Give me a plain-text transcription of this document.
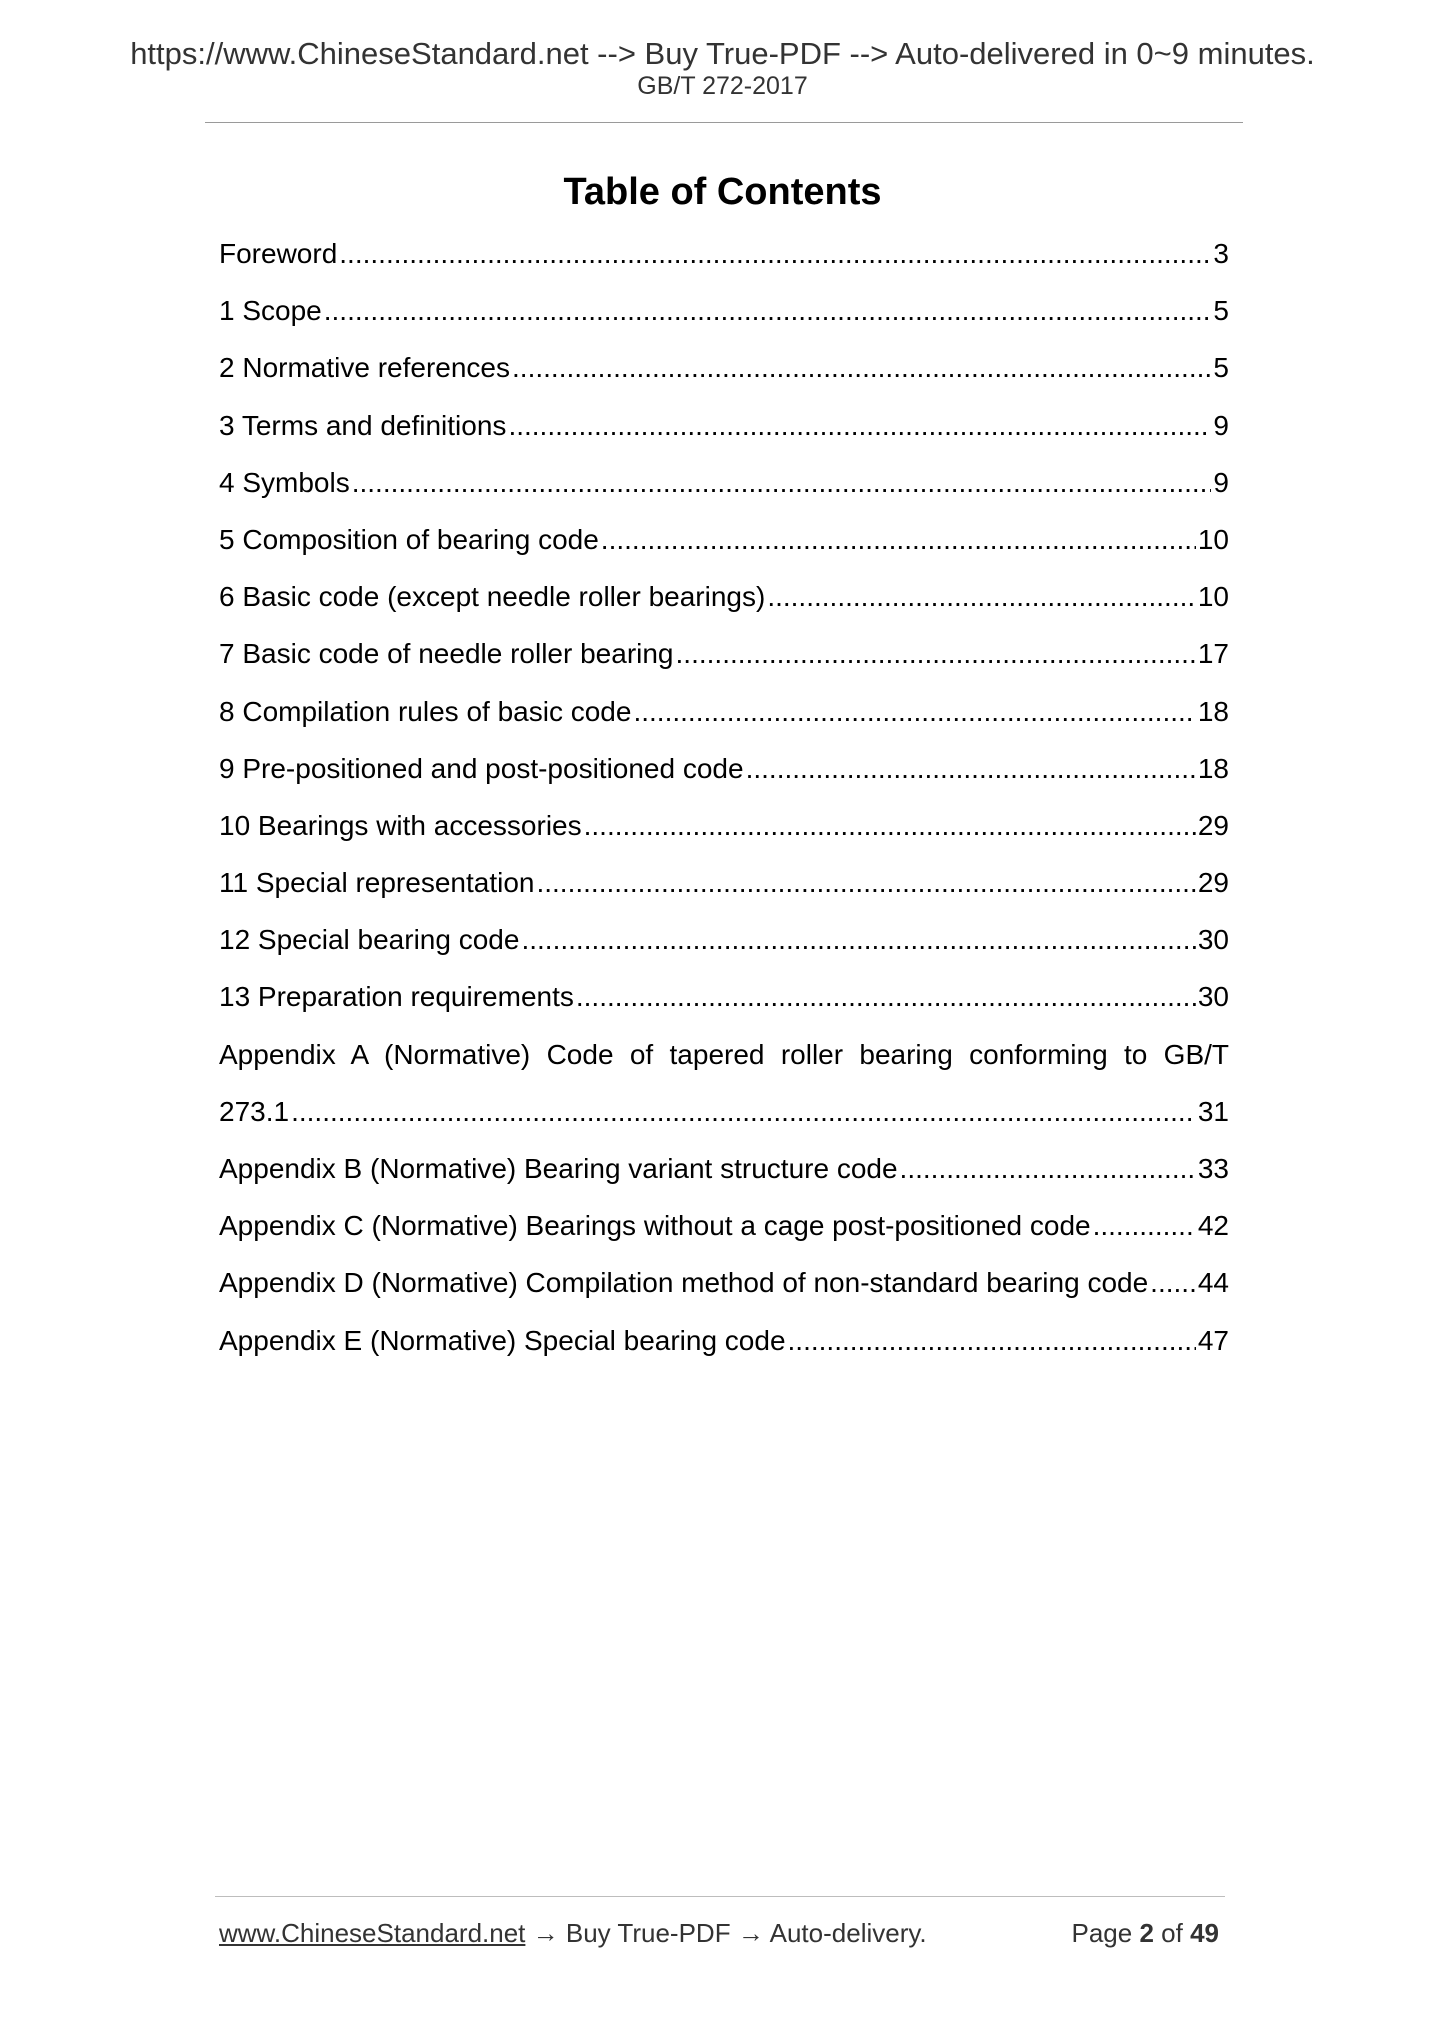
https://www.ChineseStandard.net --> Buy True-PDF --> Auto-delivered in 0~9 minutes.
GB/T 272-2017
Table of Contents
Foreword .....	3
1 Scope .....	5
2 Normative references .....	5
3 Terms and definitions .....	9
4 Symbols .....	9
5 Composition of bearing code .....	10
6 Basic code (except needle roller bearings) .....	10
7 Basic code of needle roller bearing .....	17
8 Compilation rules of basic code .....	18
9 Pre-positioned and post-positioned code .....	18
10 Bearings with accessories .....	29
11 Special representation .....	29
12 Special bearing code .....	30
13 Preparation requirements .....	30
Appendix A (Normative) Code of tapered roller bearing conforming to GB/T
273.1 .....	31
Appendix B (Normative) Bearing variant structure code .....	33
Appendix C (Normative) Bearings without a cage post-positioned code .....	42
Appendix D (Normative) Compilation method of non-standard bearing code ..... 44
Appendix E (Normative) Special bearing code .....	47
www.ChineseStandard.net → Buy True-PDF → Auto-delivery.	Page 2 of 49
